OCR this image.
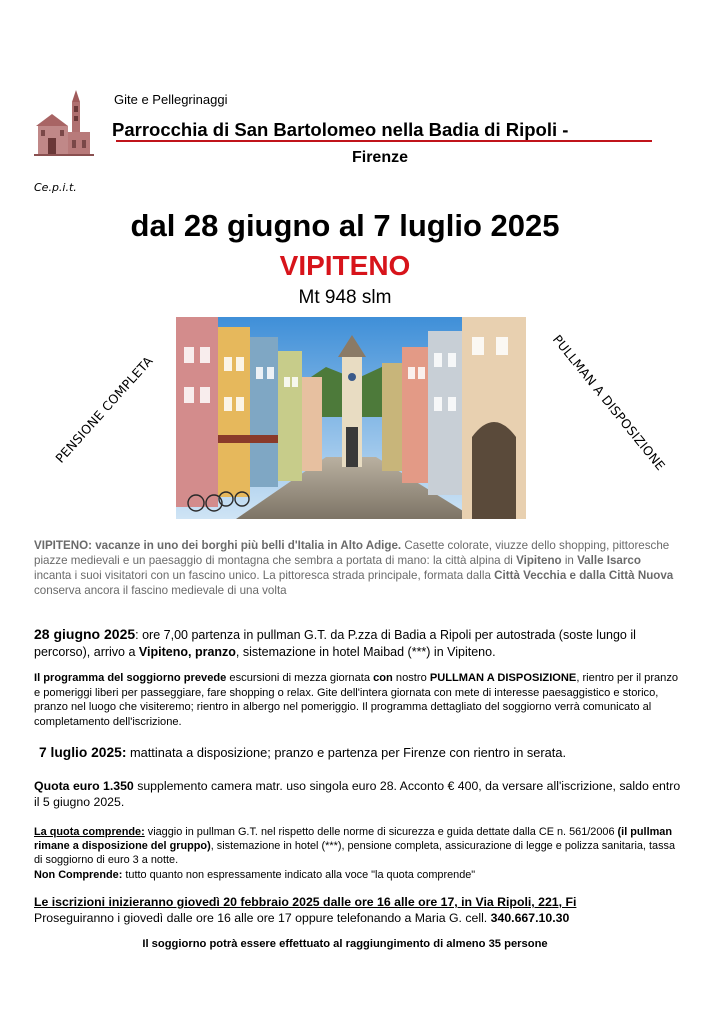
Gite e Pellegrinaggi
Parrocchia di San Bartolomeo nella Badia di Ripoli -
Firenze
Ce.p.i.t.
dal 28 giugno al 7 luglio 2025
VIPITENO
Mt 948 slm
PENSIONE COMPLETA	PULLMAN A DISPOSIZIONE
VIPITENO: vacanze in uno dei borghi più belli d'Italia in Alto Adige. Casette colorate, viuzze dello shopping, pittoresche piazze medievali e un paesaggio di montagna che sembra a portata di mano: la città alpina di Vipiteno in Valle Isarco incanta i suoi visitatori con un fascino unico. La pittoresca strada principale, formata dalla Città Vecchia e dalla Città Nuova conserva ancora il fascino medievale di una volta
28 giugno 2025: ore 7,00 partenza in pullman G.T. da P.zza di Badia a Ripoli per autostrada (soste lungo il percorso), arrivo a Vipiteno, pranzo, sistemazione in hotel Maibad (***) in Vipiteno.
Il programma del soggiorno prevede escursioni di mezza giornata con nostro PULLMAN A DISPOSIZIONE, rientro per il pranzo e pomeriggi liberi per passeggiare, fare shopping o relax. Gite dell'intera giornata con mete di interesse paesaggistico e storico, pranzo nel luogo che visiteremo; rientro in albergo nel pomeriggio. Il programma dettagliato del soggiorno verrà comunicato al completamento dell'iscrizione.
7 luglio 2025: mattinata a disposizione; pranzo e partenza per Firenze con rientro in serata.
Quota euro 1.350 supplemento camera matr. uso singola euro 28. Acconto € 400, da versare all'iscrizione, saldo entro il 5 giugno 2025.
La quota comprende: viaggio in pullman G.T. nel rispetto delle norme di sicurezza e guida dettate dalla CE n. 561/2006 (il pullman rimane a disposizione del gruppo), sistemazione in hotel (***), pensione completa, assicurazione di legge e polizza sanitaria, tassa di soggiorno di euro 3 a notte.
Non Comprende: tutto quanto non espressamente indicato alla voce "la quota comprende"
Le iscrizioni inizieranno giovedì 20 febbraio 2025 dalle ore 16 alle ore 17, in Via Ripoli, 221, Fi
Proseguiranno i giovedì dalle ore 16 alle ore 17 oppure telefonando a Maria G. cell. 340.667.10.30
Il soggiorno potrà essere effettuato al raggiungimento di almeno 35 persone
